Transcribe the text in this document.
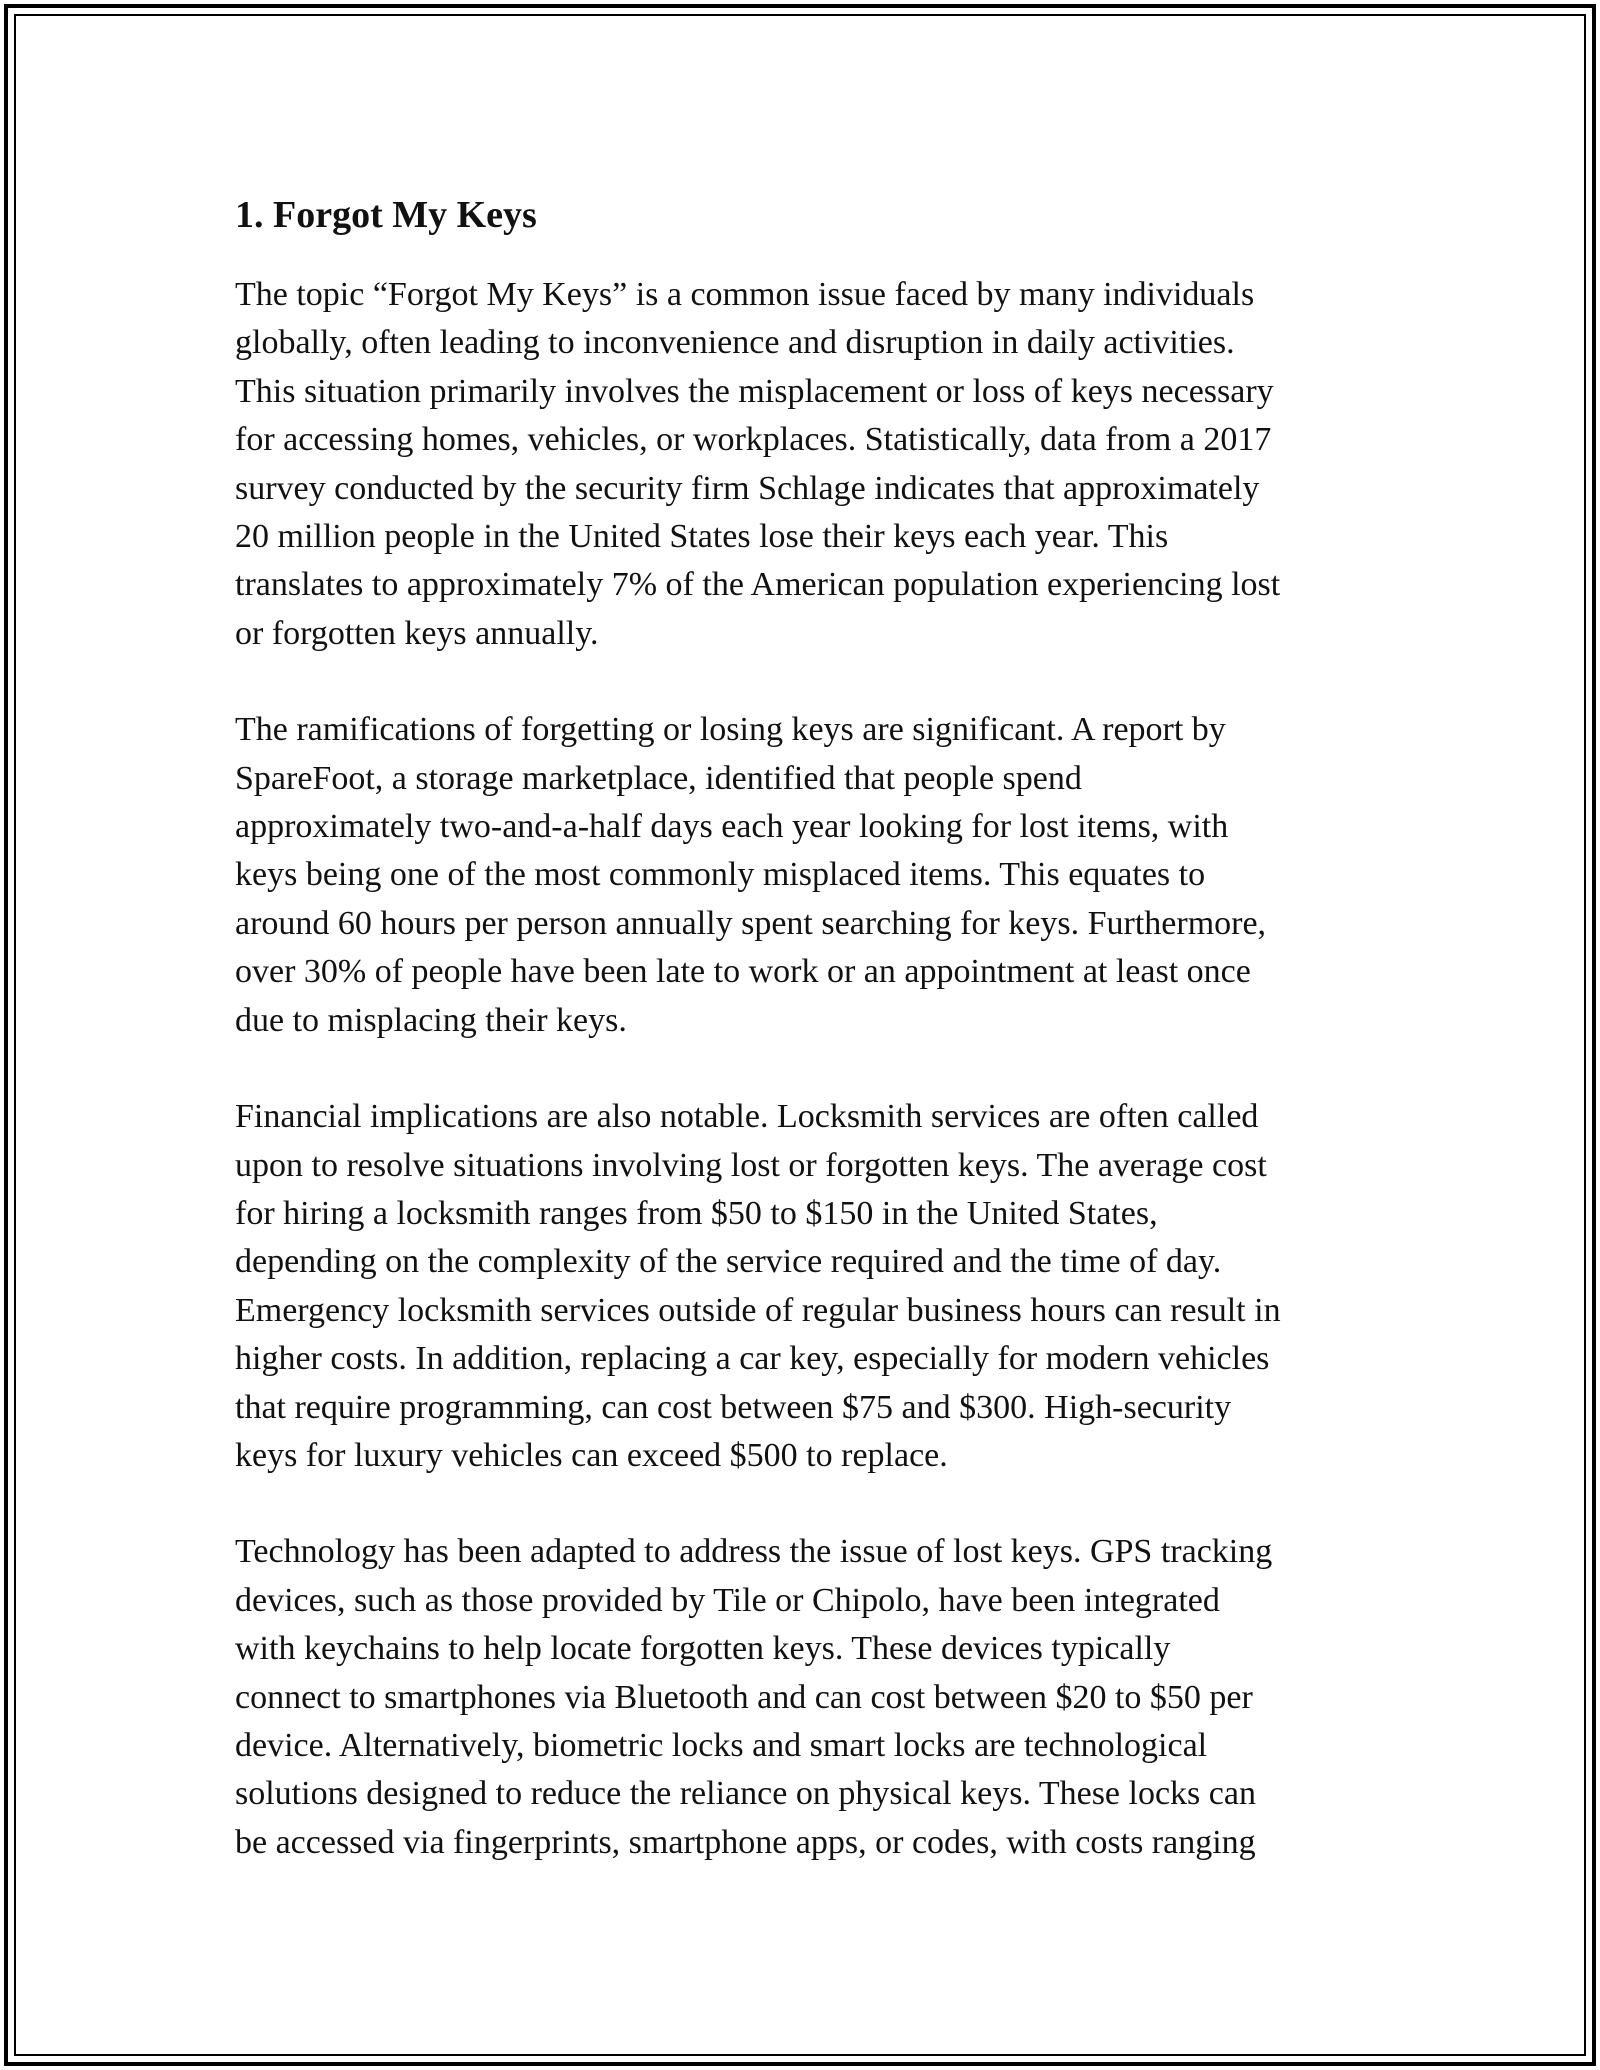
1. Forgot My Keys

The topic “Forgot My Keys” is a common issue faced by many individuals
globally, often leading to inconvenience and disruption in daily activities.
This situation primarily involves the misplacement or loss of keys necessary
for accessing homes, vehicles, or workplaces. Statistically, data from a 2017
survey conducted by the security firm Schlage indicates that approximately
20 million people in the United States lose their keys each year. This
translates to approximately 7% of the American population experiencing lost
or forgotten keys annually.

The ramifications of forgetting or losing keys are significant. A report by
SpareFoot, a storage marketplace, identified that people spend
approximately two-and-a-half days each year looking for lost items, with
keys being one of the most commonly misplaced items. This equates to
around 60 hours per person annually spent searching for keys. Furthermore,
over 30% of people have been late to work or an appointment at least once
due to misplacing their keys.

Financial implications are also notable. Locksmith services are often called
upon to resolve situations involving lost or forgotten keys. The average cost
for hiring a locksmith ranges from $50 to $150 in the United States,
depending on the complexity of the service required and the time of day.
Emergency locksmith services outside of regular business hours can result in
higher costs. In addition, replacing a car key, especially for modern vehicles
that require programming, can cost between $75 and $300. High-security
keys for luxury vehicles can exceed $500 to replace.

Technology has been adapted to address the issue of lost keys. GPS tracking
devices, such as those provided by Tile or Chipolo, have been integrated
with keychains to help locate forgotten keys. These devices typically
connect to smartphones via Bluetooth and can cost between $20 to $50 per
device. Alternatively, biometric locks and smart locks are technological
solutions designed to reduce the reliance on physical keys. These locks can
be accessed via fingerprints, smartphone apps, or codes, with costs ranging
